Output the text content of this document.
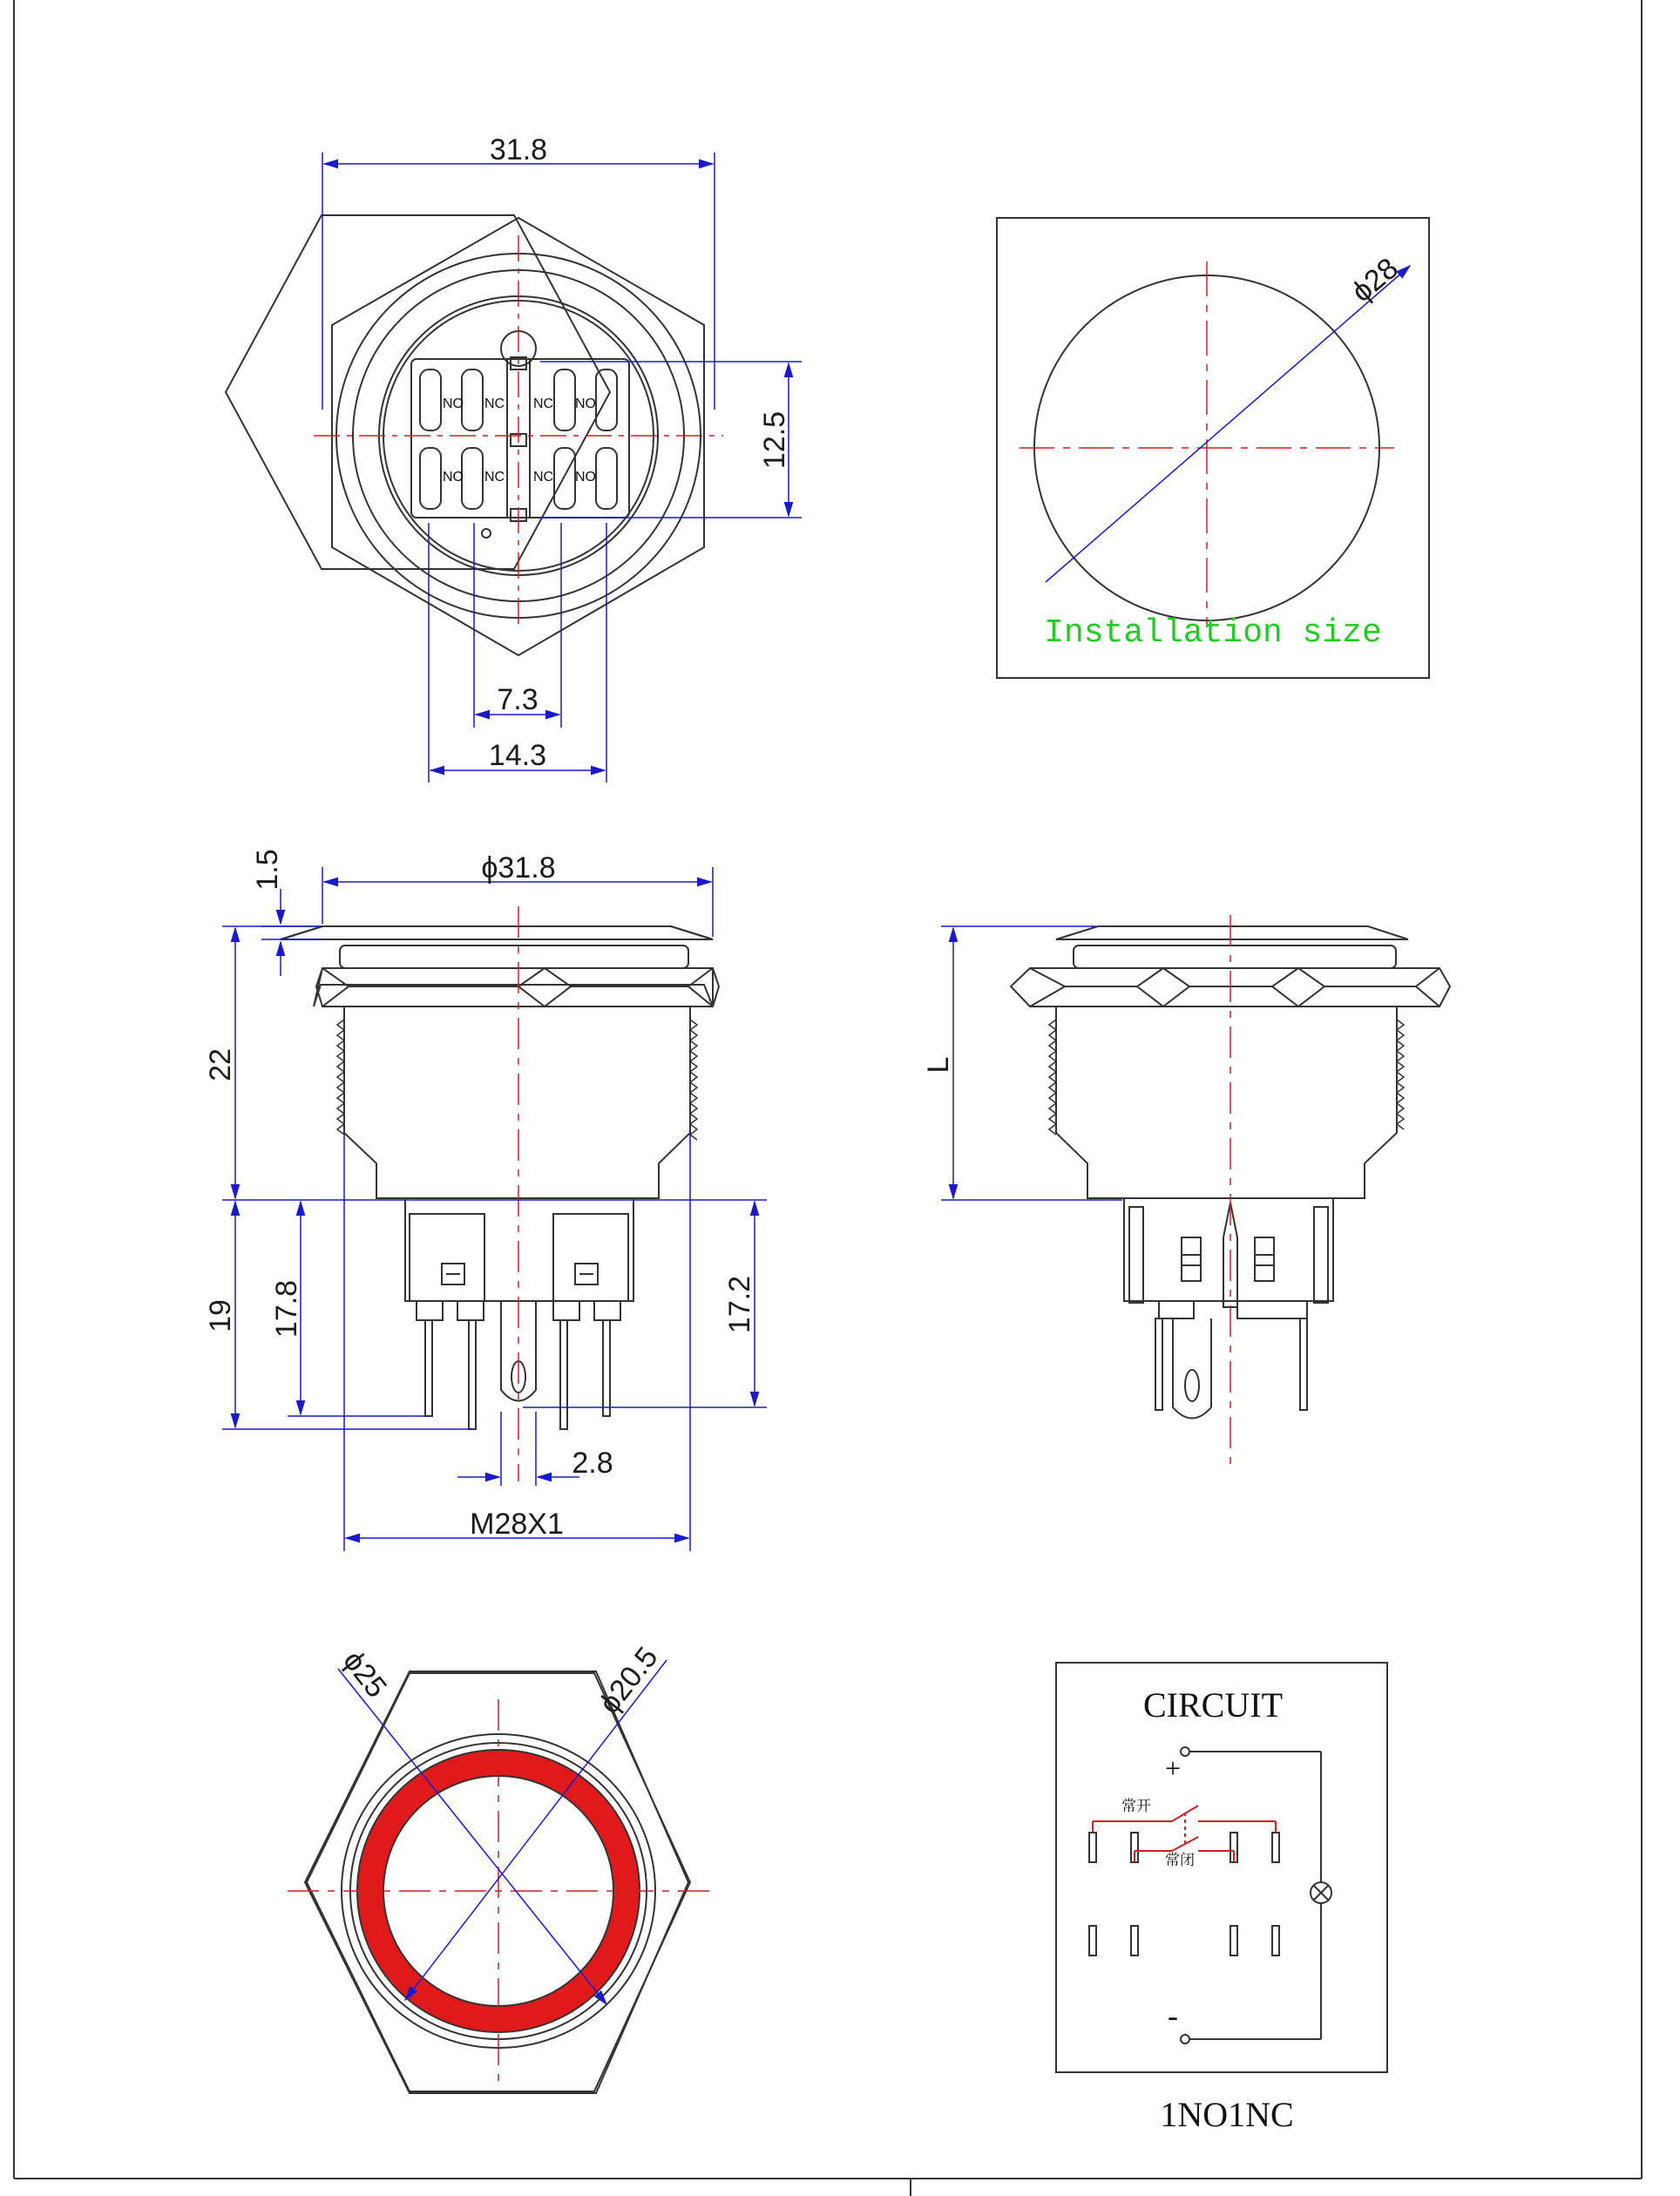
NO NC NC NO
NO NC NC NO
31.8
12.5
7.3
14.3
ϕ28
Installation size
ϕ31.8
1.5
22
19 17.8	17.2
2.8
M28X1
L
ϕ25	ϕ20.5	CIRCUIT
+
-
常开
常闭
1NO1NC
